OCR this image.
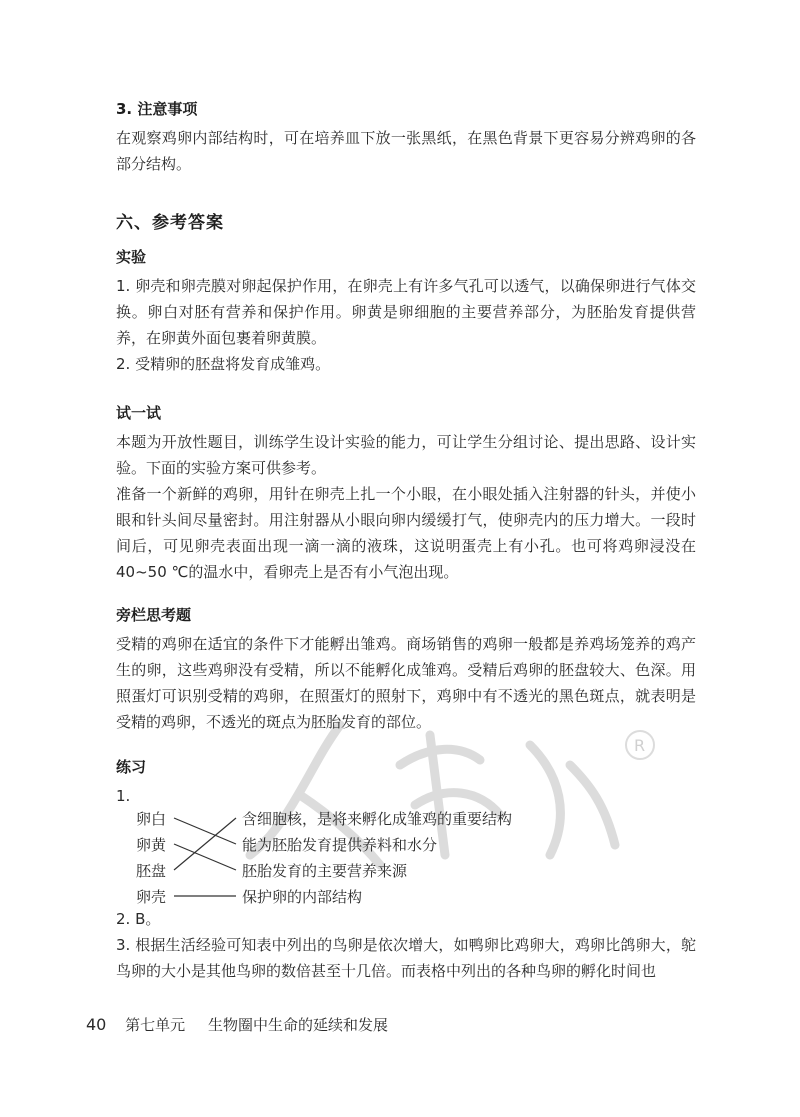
R
3. 注意事项

在观察鸡卵内部结构时，可在培养皿下放一张黑纸，在黑色背景下更容易分辨鸡卵的各部分结构。

六、参考答案
实验

1. 卵壳和卵壳膜对卵起保护作用，在卵壳上有许多气孔可以透气，以确保卵进行气体交换。卵白对胚有营养和保护作用。卵黄是卵细胞的主要营养部分，为胚胎发育提供营养，在卵黄外面包裹着卵黄膜。

2. 受精卵的胚盘将发育成雏鸡。

试一试

本题为开放性题目，训练学生设计实验的能力，可让学生分组讨论、提出思路、设计实验。下面的实验方案可供参考。

准备一个新鲜的鸡卵，用针在卵壳上扎一个小眼，在小眼处插入注射器的针头，并使小眼和针头间尽量密封。用注射器从小眼向卵内缓缓打气，使卵壳内的压力增大。一段时间后，可见卵壳表面出现一滴一滴的液珠，这说明蛋壳上有小孔。也可将鸡卵浸没在40~50 ℃的温水中，看卵壳上是否有小气泡出现。

旁栏思考题

受精的鸡卵在适宜的条件下才能孵出雏鸡。商场销售的鸡卵一般都是养鸡场笼养的鸡产生的卵，这些鸡卵没有受精，所以不能孵化成雏鸡。受精后鸡卵的胚盘较大、色深。用照蛋灯可识别受精的鸡卵，在照蛋灯的照射下，鸡卵中有不透光的黑色斑点，就表明是受精的鸡卵，不透光的斑点为胚胎发育的部位。

练习
1.
卵白
卵黄
胚盘
卵壳
含细胞核，是将来孵化成雏鸡的重要结构
能为胚胎发育提供养料和水分
胚胎发育的主要营养来源
保护卵的内部结构

2. B。

3. 根据生活经验可知表中列出的鸟卵是依次增大，如鸭卵比鸡卵大，鸡卵比鸽卵大，鸵鸟卵的大小是其他鸟卵的数倍甚至十几倍。而表格中列出的各种鸟卵的孵化时间也

40 第七单元 生物圈中生命的延续和发展
